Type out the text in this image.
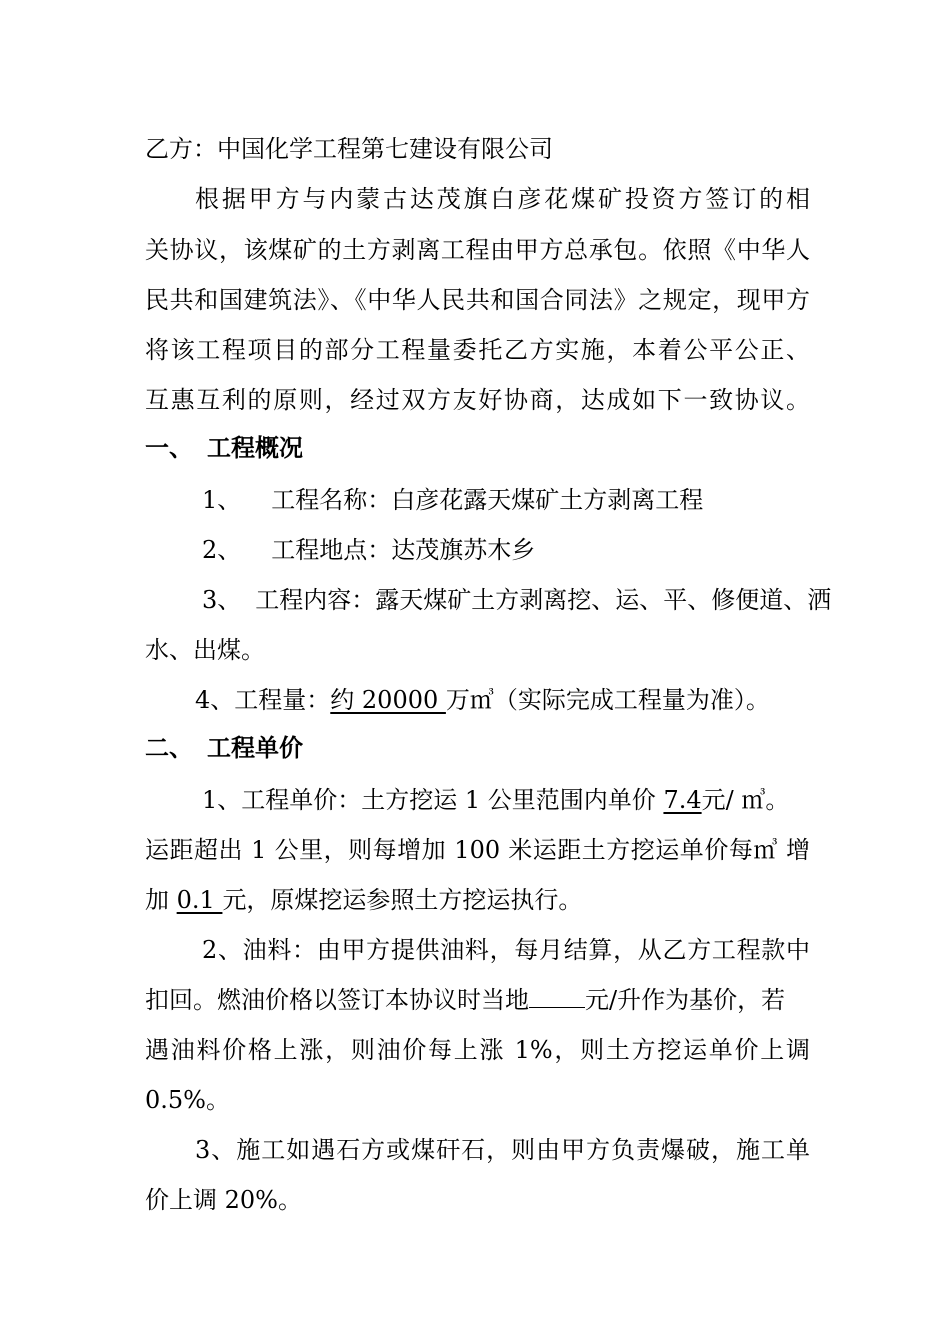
乙方：中国化学工程第七建设有限公司
根据甲方与内蒙古达茂旗白彦花煤矿投资方签订的相
关协议，该煤矿的土方剥离工程由甲方总承包。依照《中华人
民共和国建筑法》、《中华人民共和国合同法》之规定，现甲方
将该工程项目的部分工程量委托乙方实施，本着公平公正、
互惠互利的原则，经过双方友好协商，达成如下一致协议。
一、 工程概况
1、 工程名称：白彦花露天煤矿土方剥离工程
2、 工程地点：达茂旗苏木乡
3、 工程内容：露天煤矿土方剥离挖、运、平、修便道、洒
水、出煤。
4、工程量：约 20000 万㎥（实际完成工程量为准）。
二、 工程单价
1、工程单价：土方挖运 1 公里范围内单价 7.4元/ ㎥。
运距超出 1 公里，则每增加 100 米运距土方挖运单价每㎥ 增
加 0.1 元，原煤挖运参照土方挖运执行。
2、油料：由甲方提供油料，每月结算，从乙方工程款中
扣回。燃油价格以签订本协议时当地 元/升作为基价，若
遇油料价格上涨，则油价每上涨 1%，则土方挖运单价上调
0.5%。
3、施工如遇石方或煤矸石，则由甲方负责爆破，施工单
价上调 20%。
